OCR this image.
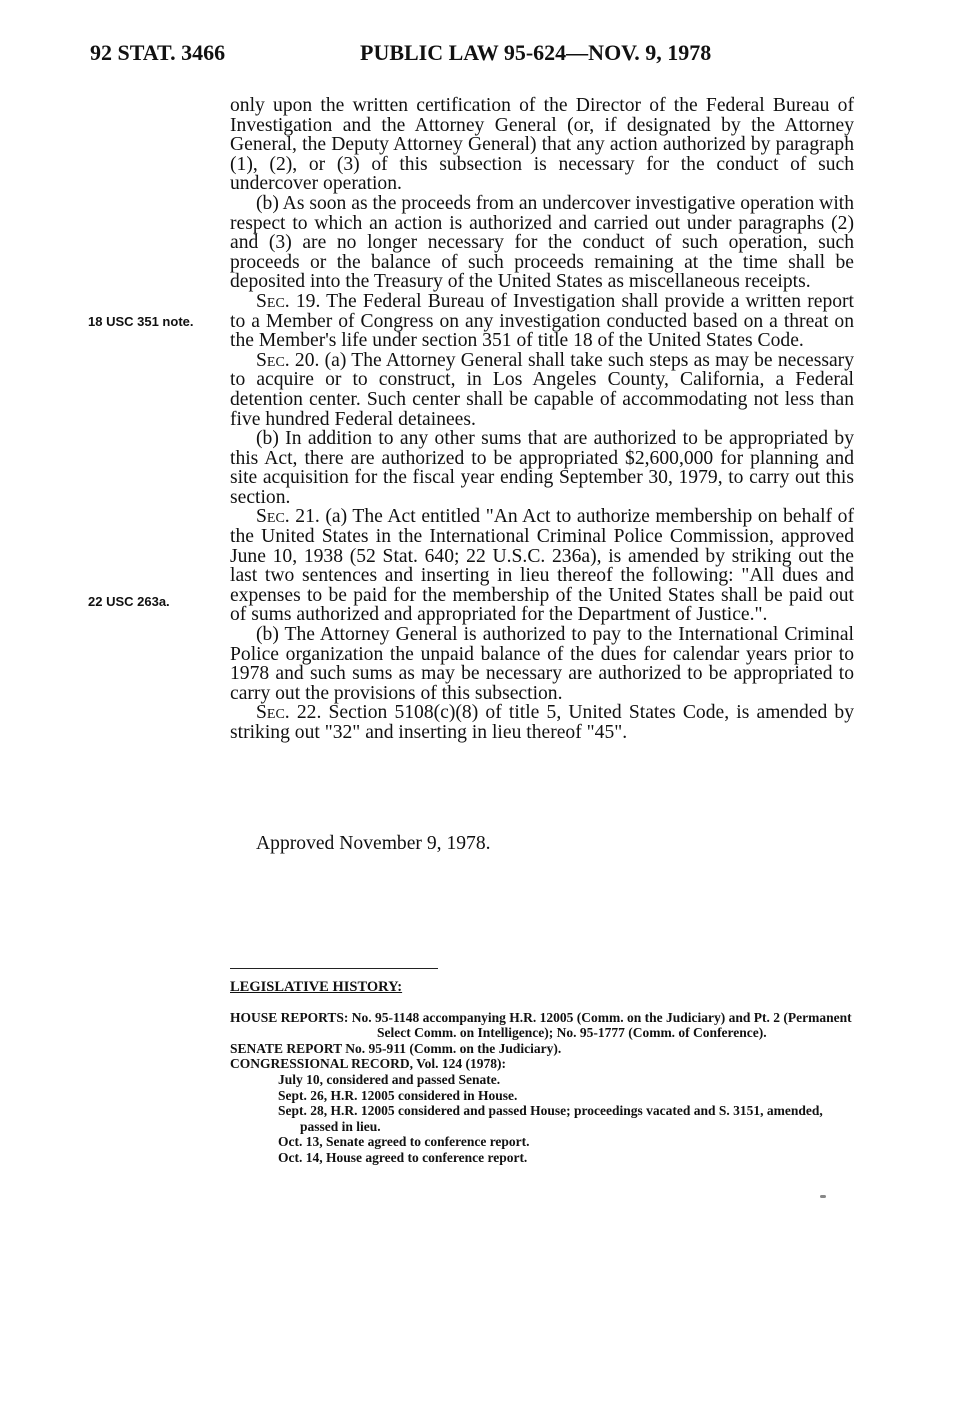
92 STAT. 3466	PUBLIC LAW 95-624—NOV. 9, 1978
18 USC 351 note.
22 USC 263a.

only upon the written certification of the Director of the Federal Bureau of Investigation and the Attorney General (or, if designated by the Attorney General, the Deputy Attorney General) that any action authorized by paragraph (1), (2), or (3) of this subsection is necessary for the conduct of such undercover operation.

(b) As soon as the proceeds from an undercover investigative operation with respect to which an action is authorized and carried out under paragraphs (2) and (3) are no longer necessary for the conduct of such operation, such proceeds or the balance of such proceeds remaining at the time shall be deposited into the Treasury of the United States as miscellaneous receipts.

Sec. 19. The Federal Bureau of Investigation shall provide a written report to a Member of Congress on any investigation conducted based on a threat on the Member's life under section 351 of title 18 of the United States Code.

Sec. 20. (a) The Attorney General shall take such steps as may be necessary to acquire or to construct, in Los Angeles County, California, a Federal detention center. Such center shall be capable of accommodating not less than five hundred Federal detainees.

(b) In addition to any other sums that are authorized to be appropriated by this Act, there are authorized to be appropriated $2,600,000 for planning and site acquisition for the fiscal year ending September 30, 1979, to carry out this section.

Sec. 21. (a) The Act entitled "An Act to authorize membership on behalf of the United States in the International Criminal Police Commission, approved June 10, 1938 (52 Stat. 640; 22 U.S.C. 236a), is amended by striking out the last two sentences and inserting in lieu thereof the following: "All dues and expenses to be paid for the membership of the United States shall be paid out of sums authorized and appropriated for the Department of Justice.".

(b) The Attorney General is authorized to pay to the International Criminal Police organization the unpaid balance of the dues for calendar years prior to 1978 and such sums as may be necessary are authorized to be appropriated to carry out the provisions of this subsection.

Sec. 22. Section 5108(c)(8) of title 5, United States Code, is amended by striking out "32" and inserting in lieu thereof "45".

Approved November 9, 1978.
LEGISLATIVE HISTORY:

HOUSE REPORTS: No. 95-1148 accompanying H.R. 12005 (Comm. on the Judiciary) and Pt. 2 (Permanent Select Comm. on Intelligence); No. 95-1777 (Comm. of Conference).

SENATE REPORT No. 95-911 (Comm. on the Judiciary).

CONGRESSIONAL RECORD, Vol. 124 (1978):

July 10, considered and passed Senate.

Sept. 26, H.R. 12005 considered in House.

Sept. 28, H.R. 12005 considered and passed House; proceedings vacated and S. 3151, amended, passed in lieu.

Oct. 13, Senate agreed to conference report.

Oct. 14, House agreed to conference report.
